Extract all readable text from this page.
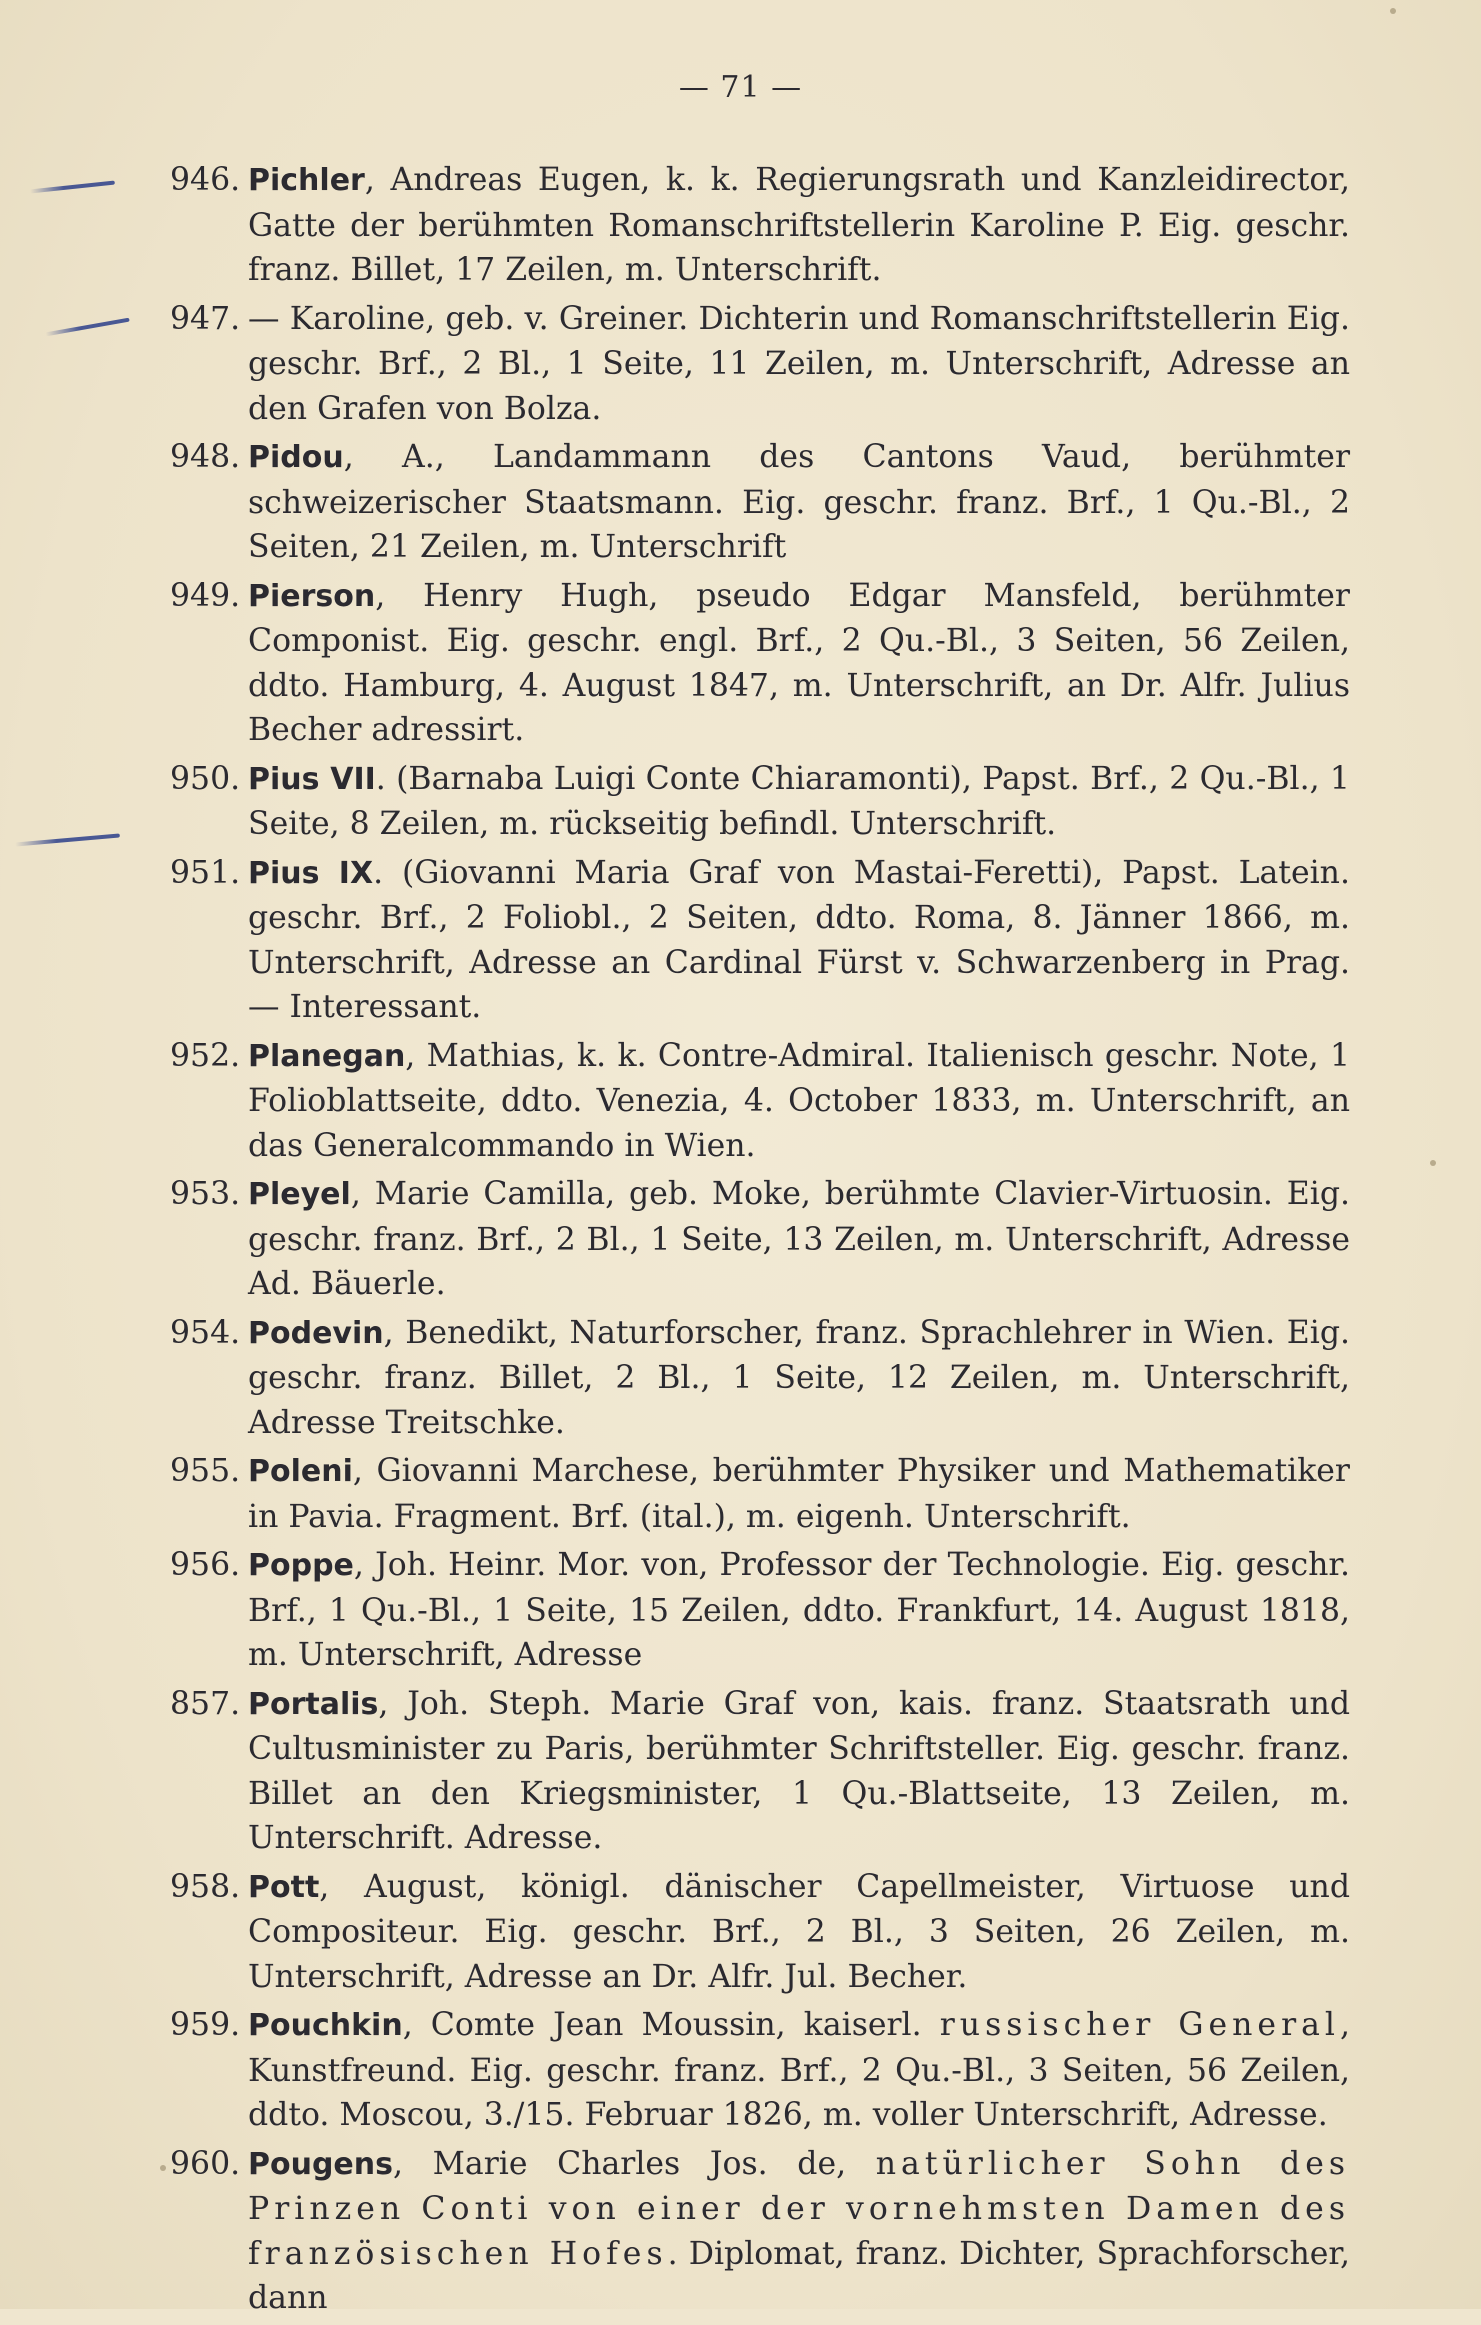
— 71 —
946. Pichler, Andreas Eugen, k. k. Regierungsrath und Kanzleidirector, Gatte der berühmten Romanschriftstellerin Karoline P. Eig. geschr. franz. Billet, 17 Zeilen, m. Unterschrift.
947. — Karoline, geb. v. Greiner. Dichterin und Romanschriftstellerin Eig. geschr. Brf., 2 Bl., 1 Seite, 11 Zeilen, m. Unterschrift, Adresse an den Grafen von Bolza.
948. Pidou, A., Landammann des Cantons Vaud, berühmter schweizerischer Staatsmann. Eig. geschr. franz. Brf., 1 Qu.-Bl., 2 Seiten, 21 Zeilen, m. Unterschrift
949. Pierson, Henry Hugh, pseudo Edgar Mansfeld, berühmter Componist. Eig. geschr. engl. Brf., 2 Qu.-Bl., 3 Seiten, 56 Zeilen, ddto. Hamburg, 4. August 1847, m. Unterschrift, an Dr. Alfr. Julius Becher adressirt.
950. Pius VII. (Barnaba Luigi Conte Chiaramonti), Papst. Brf., 2 Qu.-Bl., 1 Seite, 8 Zeilen, m. rückseitig befindl. Unterschrift.
951. Pius IX. (Giovanni Maria Graf von Mastai-Feretti), Papst. Latein. geschr. Brf., 2 Foliobl., 2 Seiten, ddto. Roma, 8. Jänner 1866, m. Unterschrift, Adresse an Cardinal Fürst v. Schwarzenberg in Prag. — Interessant.
952. Planegan, Mathias, k. k. Contre-Admiral. Italienisch geschr. Note, 1 Folioblattseite, ddto. Venezia, 4. October 1833, m. Unterschrift, an das Generalcommando in Wien.
953. Pleyel, Marie Camilla, geb. Moke, berühmte Clavier-Virtuosin. Eig. geschr. franz. Brf., 2 Bl., 1 Seite, 13 Zeilen, m. Unterschrift, Adresse Ad. Bäuerle.
954. Podevin, Benedikt, Naturforscher, franz. Sprachlehrer in Wien. Eig. geschr. franz. Billet, 2 Bl., 1 Seite, 12 Zeilen, m. Unterschrift, Adresse Treitschke.
955. Poleni, Giovanni Marchese, berühmter Physiker und Mathematiker in Pavia. Fragment. Brf. (ital.), m. eigenh. Unterschrift.
956. Poppe, Joh. Heinr. Mor. von, Professor der Technologie. Eig. geschr. Brf., 1 Qu.-Bl., 1 Seite, 15 Zeilen, ddto. Frankfurt, 14. August 1818, m. Unterschrift, Adresse
857. Portalis, Joh. Steph. Marie Graf von, kais. franz. Staatsrath und Cultusminister zu Paris, berühmter Schriftsteller. Eig. geschr. franz. Billet an den Kriegsminister, 1 Qu.-Blattseite, 13 Zeilen, m. Unterschrift. Adresse.
958. Pott, August, königl. dänischer Capellmeister, Virtuose und Compositeur. Eig. geschr. Brf., 2 Bl., 3 Seiten, 26 Zeilen, m. Unterschrift, Adresse an Dr. Alfr. Jul. Becher.
959. Pouchkin, Comte Jean Moussin, kaiserl. russischer General, Kunstfreund. Eig. geschr. franz. Brf., 2 Qu.-Bl., 3 Seiten, 56 Zeilen, ddto. Moscou, 3./15. Februar 1826, m. voller Unterschrift, Adresse.
960. Pougens, Marie Charles Jos. de, natürlicher Sohn des Prinzen Conti von einer der vornehmsten Damen des französischen Hofes. Diplomat, franz. Dichter, Sprachforscher, dann
